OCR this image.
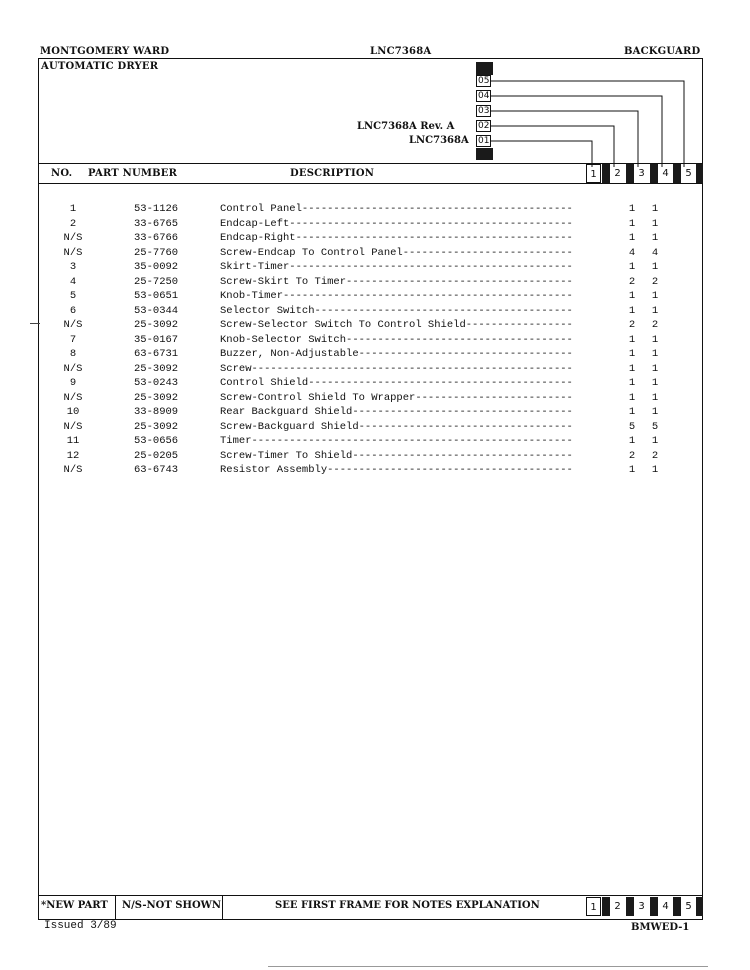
MONTGOMERY WARD	LNC7368A	BACKGUARD
AUTOMATIC DRYER
LNC7368A Rev. A
LNC7368A
05
04
03
02
01
NO. PART NUMBER	DESCRIPTION	1	2	3	4	5
1	53-1126	Control Panel-------------------------------------------	1 1
2	33-6765	Endcap-Left---------------------------------------------	1 1
N/S	33-6766	Endcap-Right--------------------------------------------	1 1
N/S	25-7760	Screw-Endcap To Control Panel---------------------------	4 4
3	35-0092	Skirt-Timer---------------------------------------------	1 1
4	25-7250	Screw-Skirt To Timer------------------------------------	2 2
5	53-0651	Knob-Timer----------------------------------------------	1 1
6	53-0344	Selector Switch-----------------------------------------	1 1
N/S	25-3092	Screw-Selector Switch To Control Shield-----------------	2 2
7	35-0167	Knob-Selector Switch------------------------------------	1 1
8	63-6731	Buzzer, Non-Adjustable----------------------------------	1 1
N/S	25-3092	Screw---------------------------------------------------	1 1
9	53-0243	Control Shield------------------------------------------	1 1
N/S	25-3092	Screw-Control Shield To Wrapper-------------------------	1 1
10	33-8909	Rear Backguard Shield-----------------------------------	1 1
N/S	25-3092	Screw-Backguard Shield----------------------------------	5 5
11	53-0656	Timer---------------------------------------------------	1 1
12	25-0205	Screw-Timer To Shield-----------------------------------	2 2
N/S	63-6743	Resistor Assembly---------------------------------------	1 1
*NEW PART N/S-NOT SHOWN	SEE FIRST FRAME FOR NOTES EXPLANATION	1	2	3	4	5
Issued 3/89	BMWED-1
